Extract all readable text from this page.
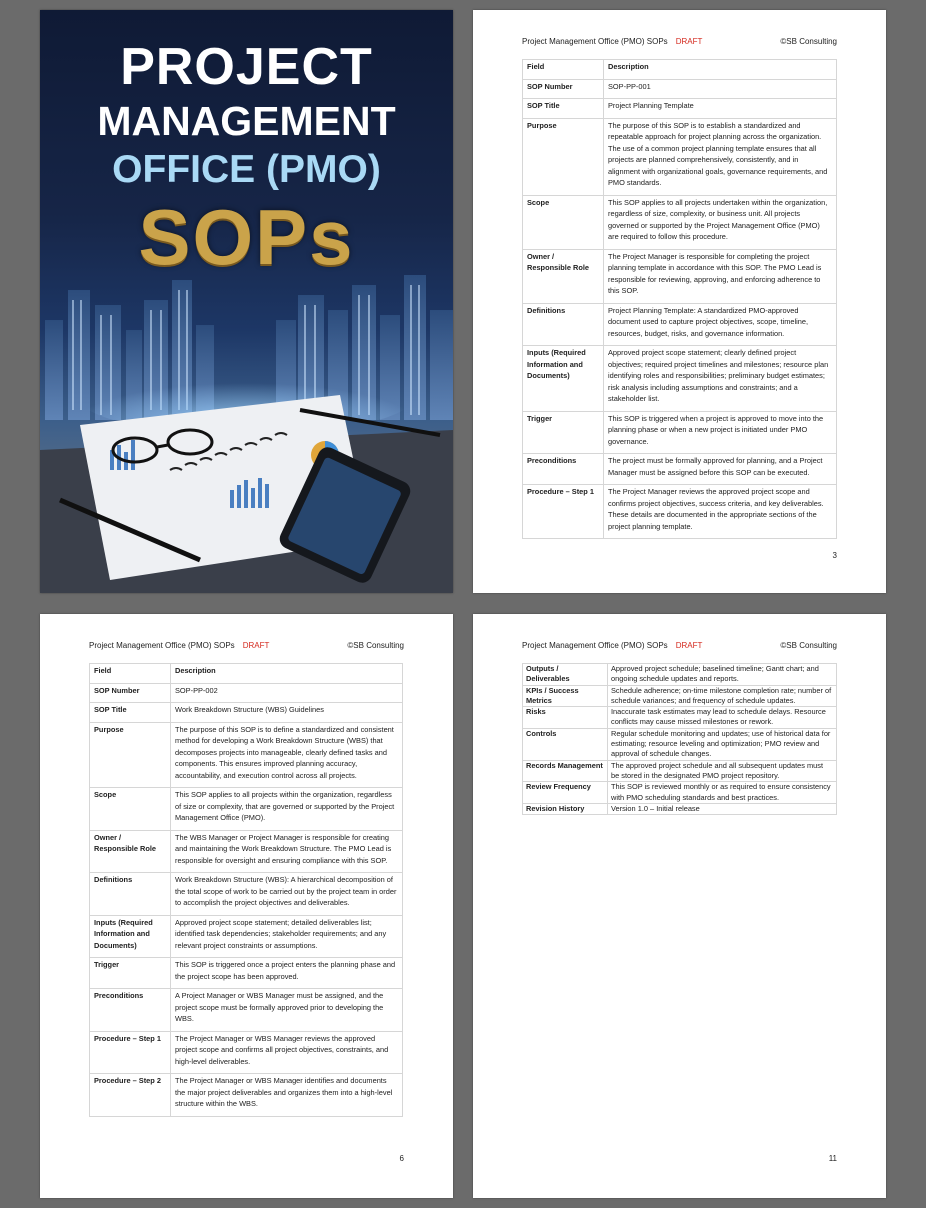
PROJECT
MANAGEMENT
OFFICE (PMO)
SOPs
Project Management Office (PMO) SOPs DRAFT	©SB Consulting
Field	Description
SOP Number	SOP-PP-001
SOP Title	Project Planning Template
Purpose	The purpose of this SOP is to establish a standardized and repeatable approach for project planning across the organization. The use of a common project planning template ensures that all projects are planned comprehensively, consistently, and in alignment with organizational goals, governance requirements, and PMO standards.
Scope	This SOP applies to all projects undertaken within the organization, regardless of size, complexity, or business unit. All projects governed or supported by the Project Management Office (PMO) are required to follow this procedure.
Owner / Responsible Role	The Project Manager is responsible for completing the project planning template in accordance with this SOP. The PMO Lead is responsible for reviewing, approving, and enforcing adherence to this SOP.
Definitions	Project Planning Template: A standardized PMO-approved document used to capture project objectives, scope, timeline, resources, budget, risks, and governance information.
Inputs (Required Information and Documents)	Approved project scope statement; clearly defined project objectives; required project timelines and milestones; resource plan identifying roles and responsibilities; preliminary budget estimates; risk analysis including assumptions and constraints; and a stakeholder list.
Trigger	This SOP is triggered when a project is approved to move into the planning phase or when a new project is initiated under PMO governance.
Preconditions	The project must be formally approved for planning, and a Project Manager must be assigned before this SOP can be executed.
Procedure – Step 1	The Project Manager reviews the approved project scope and confirms project objectives, success criteria, and key deliverables. These details are documented in the appropriate sections of the project planning template.
3
Project Management Office (PMO) SOPs DRAFT	©SB Consulting
Field	Description
SOP Number	SOP-PP-002
SOP Title	Work Breakdown Structure (WBS) Guidelines
Purpose	The purpose of this SOP is to define a standardized and consistent method for developing a Work Breakdown Structure (WBS) that decomposes projects into manageable, clearly defined tasks and components. This ensures improved planning accuracy, accountability, and execution control across all projects.
Scope	This SOP applies to all projects within the organization, regardless of size or complexity, that are governed or supported by the Project Management Office (PMO).
Owner / Responsible Role	The WBS Manager or Project Manager is responsible for creating and maintaining the Work Breakdown Structure. The PMO Lead is responsible for oversight and ensuring compliance with this SOP.
Definitions	Work Breakdown Structure (WBS): A hierarchical decomposition of the total scope of work to be carried out by the project team in order to accomplish the project objectives and deliverables.
Inputs (Required Information and Documents)	Approved project scope statement; detailed deliverables list; identified task dependencies; stakeholder requirements; and any relevant project constraints or assumptions.
Trigger	This SOP is triggered once a project enters the planning phase and the project scope has been approved.
Preconditions	A Project Manager or WBS Manager must be assigned, and the project scope must be formally approved prior to developing the WBS.
Procedure – Step 1	The Project Manager or WBS Manager reviews the approved project scope and confirms all project objectives, constraints, and high-level deliverables.
Procedure – Step 2	The Project Manager or WBS Manager identifies and documents the major project deliverables and organizes them into a high-level structure within the WBS.
6
Project Management Office (PMO) SOPs DRAFT	©SB Consulting
Outputs / Deliverables	Approved project schedule; baselined timeline; Gantt chart; and ongoing schedule updates and reports.
KPIs / Success Metrics	Schedule adherence; on-time milestone completion rate; number of schedule variances; and frequency of schedule updates.
Risks	Inaccurate task estimates may lead to schedule delays. Resource conflicts may cause missed milestones or rework.
Controls	Regular schedule monitoring and updates; use of historical data for estimating; resource leveling and optimization; PMO review and approval of schedule changes.
Records Management	The approved project schedule and all subsequent updates must be stored in the designated PMO project repository.
Review Frequency	This SOP is reviewed monthly or as required to ensure consistency with PMO scheduling standards and best practices.
Revision History	Version 1.0 – Initial release
11
